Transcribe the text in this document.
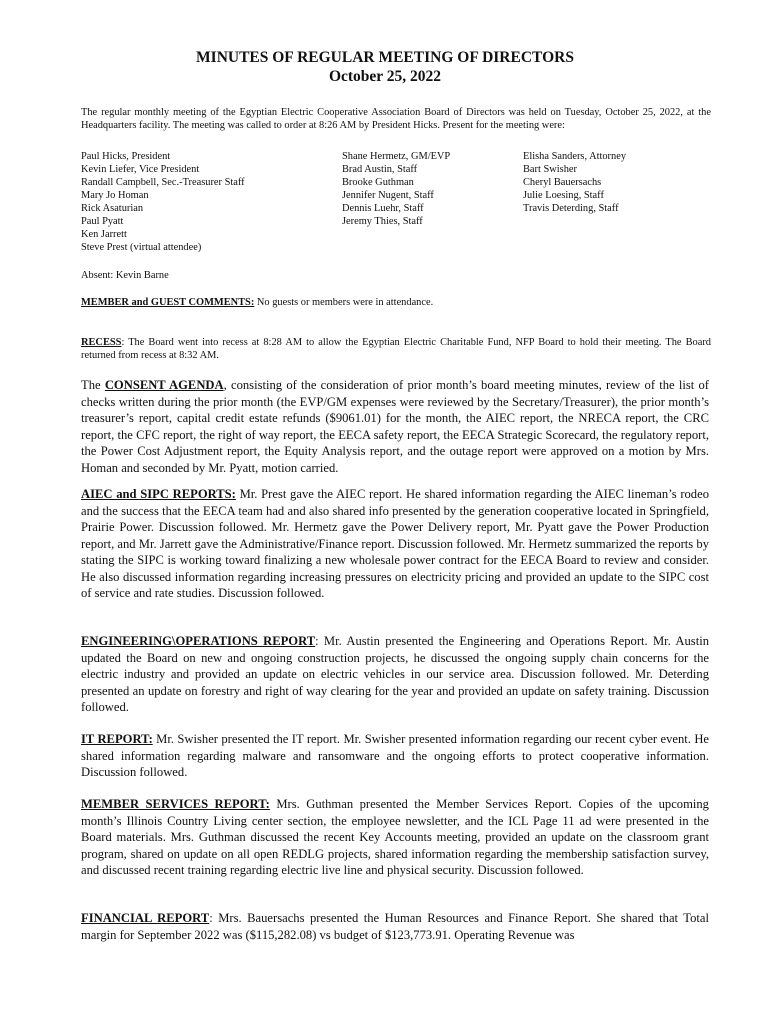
MINUTES OF REGULAR MEETING OF DIRECTORS
October 25, 2022
The regular monthly meeting of the Egyptian Electric Cooperative Association Board of Directors was held on Tuesday, October 25, 2022, at the Headquarters facility. The meeting was called to order at 8:26 AM by President Hicks. Present for the meeting were:
Paul Hicks, President
Kevin Liefer, Vice President
Randall Campbell, Sec.-Treasurer Staff
Mary Jo Homan
Rick Asaturian
Paul Pyatt
Ken Jarrett
Steve Prest (virtual attendee)
Shane Hermetz, GM/EVP
Brad Austin, Staff
Brooke Guthman
Jennifer Nugent, Staff
Dennis Luehr, Staff
Jeremy Thies, Staff
Elisha Sanders, Attorney
Bart Swisher
Cheryl Bauersachs
Julie Loesing, Staff
Travis Deterding, Staff
Absent: Kevin Barne
MEMBER and GUEST COMMENTS: No guests or members were in attendance.
RECESS: The Board went into recess at 8:28 AM to allow the Egyptian Electric Charitable Fund, NFP Board to hold their meeting. The Board returned from recess at 8:32 AM.
The CONSENT AGENDA, consisting of the consideration of prior month’s board meeting minutes, review of the list of checks written during the prior month (the EVP/GM expenses were reviewed by the Secretary/Treasurer), the prior month’s treasurer’s report, capital credit estate refunds ($9061.01) for the month, the AIEC report, the NRECA report, the CRC report, the CFC report, the right of way report, the EECA safety report, the EECA Strategic Scorecard, the regulatory report, the Power Cost Adjustment report, the Equity Analysis report, and the outage report were approved on a motion by Mrs. Homan and seconded by Mr. Pyatt, motion carried.
AIEC and SIPC REPORTS: Mr. Prest gave the AIEC report. He shared information regarding the AIEC lineman’s rodeo and the success that the EECA team had and also shared info presented by the generation cooperative located in Springfield, Prairie Power. Discussion followed. Mr. Hermetz gave the Power Delivery report, Mr. Pyatt gave the Power Production report, and Mr. Jarrett gave the Administrative/Finance report. Discussion followed. Mr. Hermetz summarized the reports by stating the SIPC is working toward finalizing a new wholesale power contract for the EECA Board to review and consider. He also discussed information regarding increasing pressures on electricity pricing and provided an update to the SIPC cost of service and rate studies. Discussion followed.
ENGINEERING\OPERATIONS REPORT: Mr. Austin presented the Engineering and Operations Report. Mr. Austin updated the Board on new and ongoing construction projects, he discussed the ongoing supply chain concerns for the electric industry and provided an update on electric vehicles in our service area. Discussion followed. Mr. Deterding presented an update on forestry and right of way clearing for the year and provided an update on safety training. Discussion followed.
IT REPORT: Mr. Swisher presented the IT report. Mr. Swisher presented information regarding our recent cyber event. He shared information regarding malware and ransomware and the ongoing efforts to protect cooperative information. Discussion followed.
MEMBER SERVICES REPORT: Mrs. Guthman presented the Member Services Report. Copies of the upcoming month’s Illinois Country Living center section, the employee newsletter, and the ICL Page 11 ad were presented in the Board materials. Mrs. Guthman discussed the recent Key Accounts meeting, provided an update on the classroom grant program, shared on update on all open REDLG projects, shared information regarding the membership satisfaction survey, and discussed recent training regarding electric live line and physical security. Discussion followed.
FINANCIAL REPORT: Mrs. Bauersachs presented the Human Resources and Finance Report. She shared that Total margin for September 2022 was ($115,282.08) vs budget of $123,773.91. Operating Revenue was
